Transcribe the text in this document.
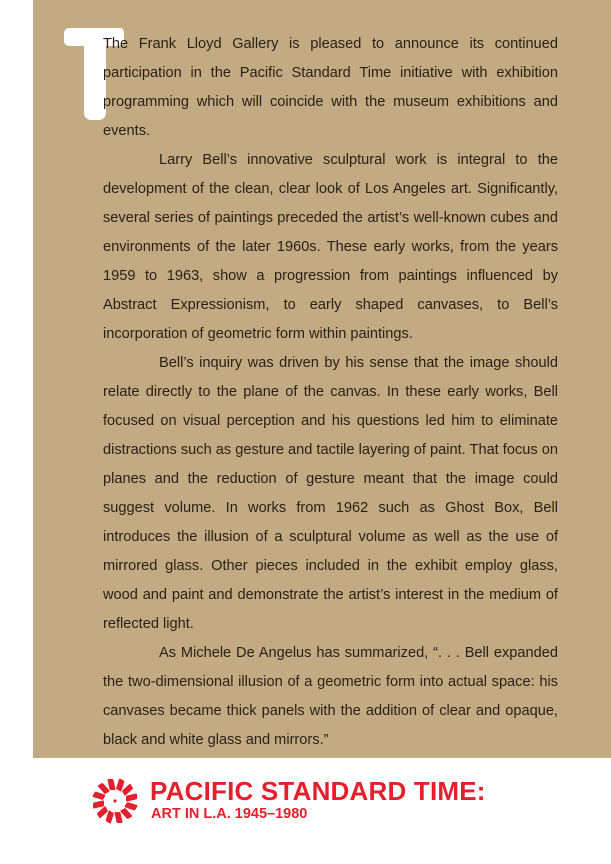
The Frank Lloyd Gallery is pleased to announce its continued participation in the Pacific Standard Time initiative with exhibition programming which will coincide with the museum exhibitions and events.

Larry Bell’s innovative sculptural work is integral to the development of the clean, clear look of Los Angeles art. Significantly, several series of paintings preceded the artist’s well-known cubes and environments of the later 1960s. These early works, from the years 1959 to 1963, show a progression from paintings influenced by Abstract Expressionism, to early shaped canvases, to Bell’s incorporation of geometric form within paintings.

Bell’s inquiry was driven by his sense that the image should relate directly to the plane of the canvas. In these early works, Bell focused on visual perception and his questions led him to eliminate distractions such as gesture and tactile layering of paint. That focus on planes and the reduction of gesture meant that the image could suggest volume. In works from 1962 such as Ghost Box, Bell introduces the illusion of a sculptural volume as well as the use of mirrored glass. Other pieces included in the exhibit employ glass, wood and paint and demonstrate the artist’s interest in the medium of reflected light.

As Michele De Angelus has summarized, “. . . Bell expanded the two-dimensional illusion of a geometric form into actual space: his canvases became thick panels with the addition of clear and opaque, black and white glass and mirrors.”

PACIFIC STANDARD TIME:
ART IN L.A. 1945–1980
